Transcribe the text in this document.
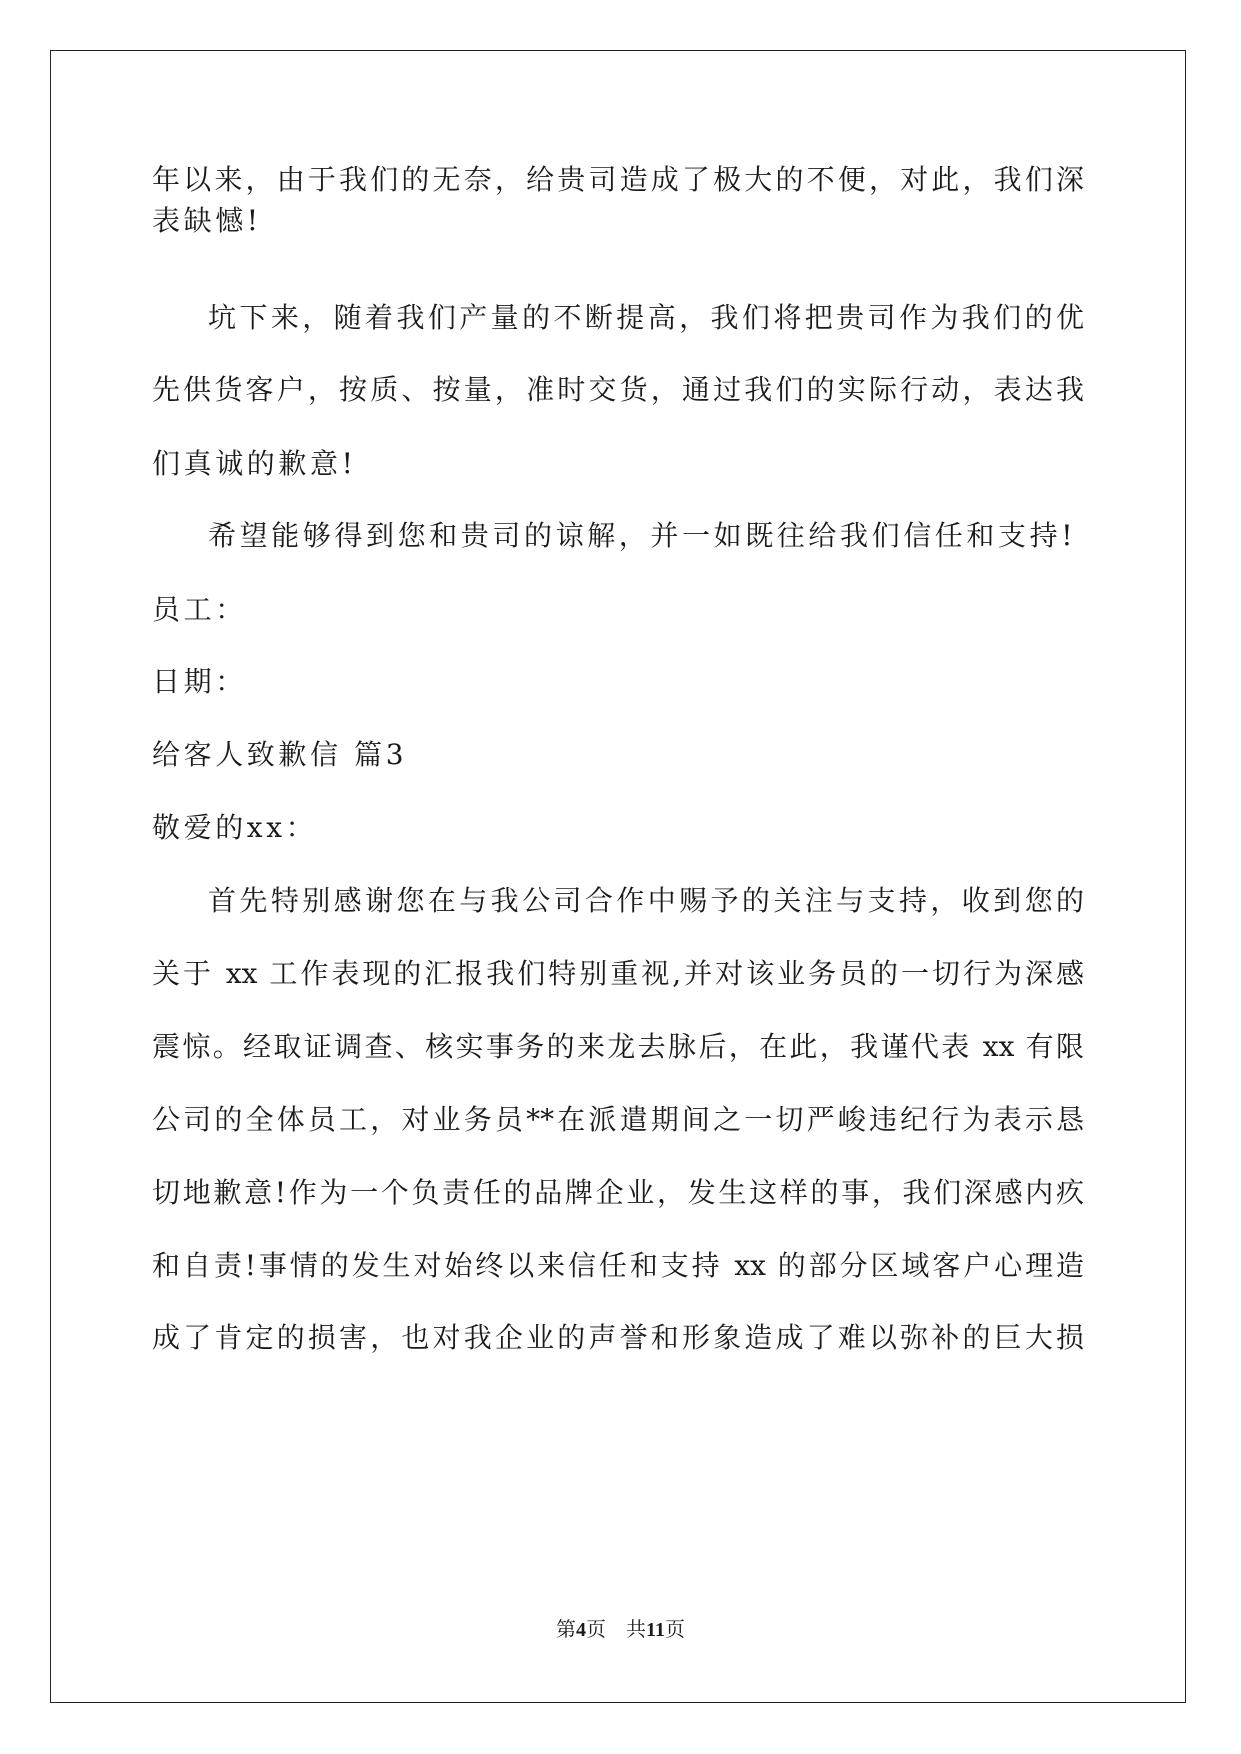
年以来，由于我们的无奈，给贵司造成了极大的不便，对此，我们深
表缺憾!
坑下来，随着我们产量的不断提高，我们将把贵司作为我们的优
先供货客户，按质、按量，准时交货，通过我们的实际行动，表达我
们真诚的歉意!
希望能够得到您和贵司的谅解，并一如既往给我们信任和支持!
员工：
日期：
给客人致歉信 篇3
敬爱的xx：
首先特别感谢您在与我公司合作中赐予的关注与支持，收到您的
关于 xx 工作表现的汇报我们特别重视,并对该业务员的一切行为深感
震惊。经取证调查、核实事务的来龙去脉后，在此，我谨代表 xx 有限
公司的全体员工，对业务员**在派遣期间之一切严峻违纪行为表示恳
切地歉意!作为一个负责任的品牌企业，发生这样的事，我们深感内疚
和自责!事情的发生对始终以来信任和支持 xx 的部分区域客户心理造
成了肯定的损害，也对我企业的声誉和形象造成了难以弥补的巨大损
第4页　共11页
